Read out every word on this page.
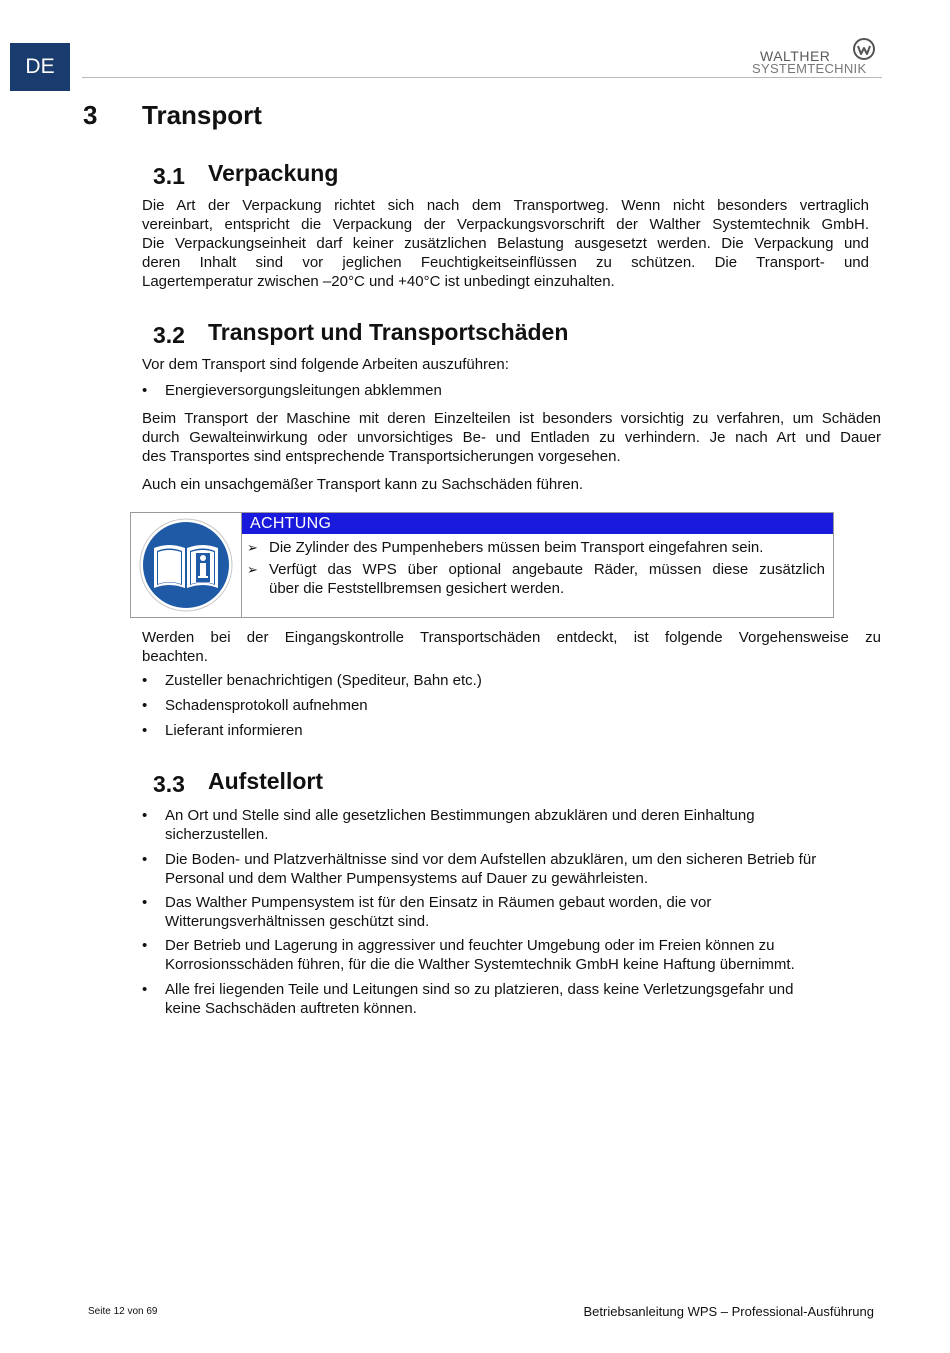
DE	WALTHER
SYSTEMTECHNIK
3 Transport
3.1 Verpackung
Die Art der Verpackung richtet sich nach dem Transportweg. Wenn nicht besonders vertraglich
vereinbart, entspricht die Verpackung der Verpackungsvorschrift der Walther Systemtechnik GmbH.
Die Verpackungseinheit darf keiner zusätzlichen Belastung ausgesetzt werden. Die Verpackung und
deren Inhalt sind vor jeglichen Feuchtigkeitseinflüssen zu schützen. Die Transport- und
Lagertemperatur zwischen –20°C und +40°C ist unbedingt einzuhalten.
3.2 Transport und Transportschäden
Vor dem Transport sind folgende Arbeiten auszuführen:
• Energieversorgungsleitungen abklemmen
Beim Transport der Maschine mit deren Einzelteilen ist besonders vorsichtig zu verfahren, um Schäden
durch Gewalteinwirkung oder unvorsichtiges Be- und Entladen zu verhindern. Je nach Art und Dauer
des Transportes sind entsprechende Transportsicherungen vorgesehen.
Auch ein unsachgemäßer Transport kann zu Sachschäden führen.
ACHTUNG
➢ Die Zylinder des Pumpenhebers müssen beim Transport eingefahren sein.
➢ Verfügt das WPS über optional angebaute Räder, müssen diese zusätzlich
über die Feststellbremsen gesichert werden.
Werden bei der Eingangskontrolle Transportschäden entdeckt, ist folgende Vorgehensweise zu
beachten.
• Zusteller benachrichtigen (Spediteur, Bahn etc.)
• Schadensprotokoll aufnehmen
• Lieferant informieren
3.3 Aufstellort
• An Ort und Stelle sind alle gesetzlichen Bestimmungen abzuklären und deren Einhaltung
sicherzustellen.
• Die Boden- und Platzverhältnisse sind vor dem Aufstellen abzuklären, um den sicheren Betrieb für
Personal und dem Walther Pumpensystems auf Dauer zu gewährleisten.
• Das Walther Pumpensystem ist für den Einsatz in Räumen gebaut worden, die vor
Witterungsverhältnissen geschützt sind.
• Der Betrieb und Lagerung in aggressiver und feuchter Umgebung oder im Freien können zu
Korrosionsschäden führen, für die die Walther Systemtechnik GmbH keine Haftung übernimmt.
• Alle frei liegenden Teile und Leitungen sind so zu platzieren, dass keine Verletzungsgefahr und
keine Sachschäden auftreten können.
Seite 12 von 69	Betriebsanleitung WPS – Professional-Ausführung
